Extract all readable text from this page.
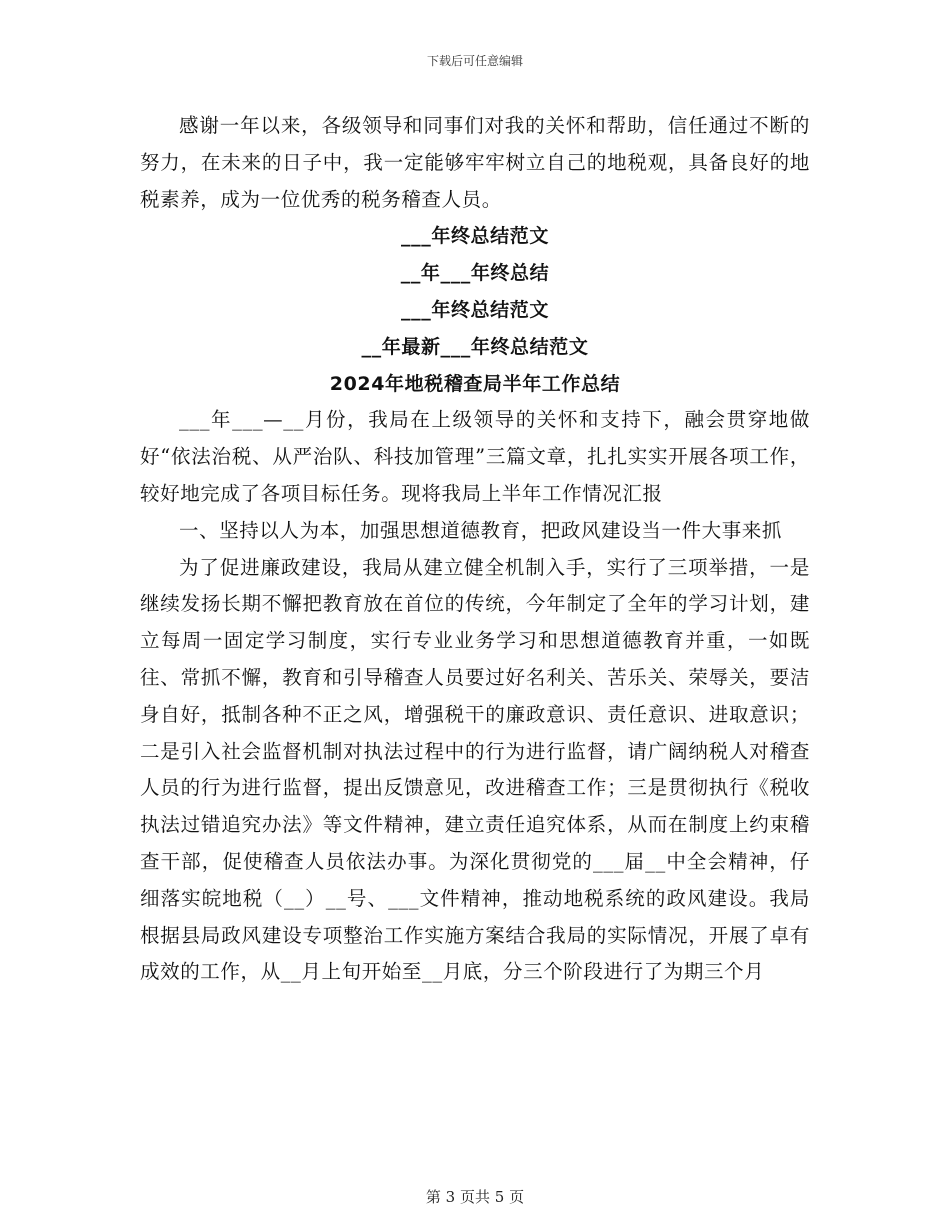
下载后可任意编辑

感谢一年以来，各级领导和同事们对我的关怀和帮助，信任通过不断的努力，在未来的日子中，我一定能够牢牢树立自己的地税观，具备良好的地税素养，成为一位优秀的税务稽查人员。

___年终总结范文

__年___年终总结

___年终总结范文

__年最新___年终总结范文

2024年地税稽查局半年工作总结

___年___—__月份，我局在上级领导的关怀和支持下，融会贯穿地做好“依法治税、从严治队、科技加管理”三篇文章，扎扎实实开展各项工作，较好地完成了各项目标任务。现将我局上半年工作情况汇报

一、坚持以人为本，加强思想道德教育，把政风建设当一件大事来抓

为了促进廉政建设，我局从建立健全机制入手，实行了三项举措，一是继续发扬长期不懈把教育放在首位的传统，今年制定了全年的学习计划，建立每周一固定学习制度，实行专业业务学习和思想道德教育并重，一如既往、常抓不懈，教育和引导稽查人员要过好名利关、苦乐关、荣辱关，要洁身自好，抵制各种不正之风，增强税干的廉政意识、责任意识、进取意识；二是引入社会监督机制对执法过程中的行为进行监督，请广阔纳税人对稽查人员的行为进行监督，提出反馈意见，改进稽查工作；三是贯彻执行《税收执法过错追究办法》等文件精神，建立责任追究体系，从而在制度上约束稽查干部，促使稽查人员依法办事。为深化贯彻党的___届__中全会精神，仔细落实皖地税（__）__号、___文件精神，推动地税系统的政风建设。我局根据县局政风建设专项整治工作实施方案结合我局的实际情况，开展了卓有成效的工作，从__月上旬开始至__月底，分三个阶段进行了为期三个月

第 3 页共 5 页
